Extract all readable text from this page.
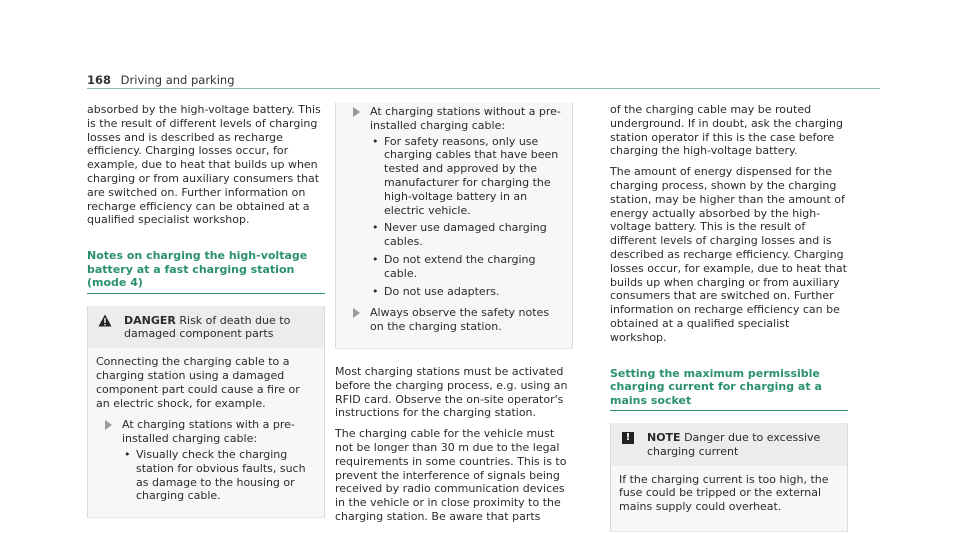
168 Driving and parking

absorbed by the high-voltage battery. This is the result of different levels of charging losses and is described as recharge efficiency. Charging losses occur, for example, due to heat that builds up when charging or from auxiliary consumers that are switched on. Further information on recharge efficiency can be obtained at a qualified specialist workshop.

Notes on charging the high-voltage battery at a fast charging station (mode 4)
DANGER Risk of death due to damaged component parts

Connecting the charging cable to a charging station using a damaged component part could cause a fire or an electric shock, for example.

At charging stations with a pre-installed charging cable:
• Visually check the charging station for obvious faults, such as damage to the housing or charging cable.
At charging stations without a pre-installed charging cable:
• For safety reasons, only use charging cables that have been tested and approved by the manufacturer for charging the high-voltage battery in an electric vehicle.
• Never use damaged charging cables.
• Do not extend the charging cable.
• Do not use adapters.
Always observe the safety notes on the charging station.

Most charging stations must be activated before the charging process, e.g. using an RFID card. Observe the on-site operator's instructions for the charging station.

The charging cable for the vehicle must not be longer than 30 m due to the legal requirements in some countries. This is to prevent the interference of signals being received by radio communication devices in the vehicle or in close proximity to the charging station. Be aware that parts

of the charging cable may be routed underground. If in doubt, ask the charging station operator if this is the case before charging the high-voltage battery.

The amount of energy dispensed for the charging process, shown by the charging station, may be higher than the amount of energy actually absorbed by the high-voltage battery. This is the result of different levels of charging losses and is described as recharge efficiency. Charging losses occur, for example, due to heat that builds up when charging or from auxiliary consumers that are switched on. Further information on recharge efficiency can be obtained at a qualified specialist workshop.

Setting the maximum permissible charging current for charging at a mains socket
!	NOTE Danger due to excessive charging current

If the charging current is too high, the fuse could be tripped or the external mains supply could overheat.
